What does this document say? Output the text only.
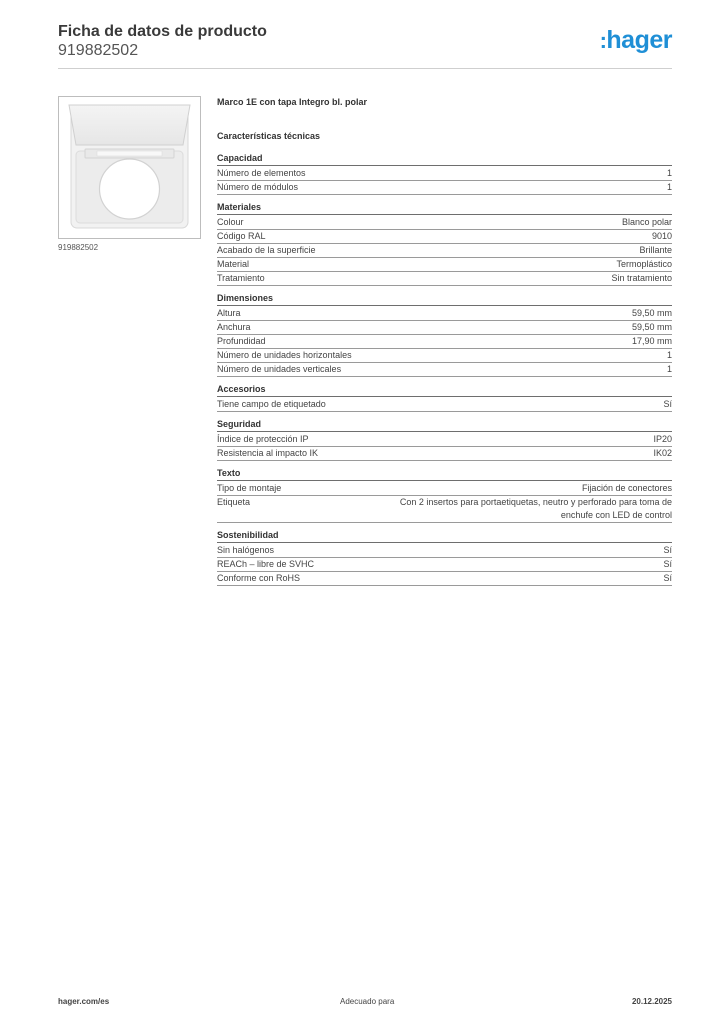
Ficha de datos de producto
919882502	:hager
919882502
Marco 1E con tapa Integro bl. polar
Características técnicas
Capacidad
Número de elementos	1
Número de módulos	1
Materiales
Colour	Blanco polar
Código RAL	9010
Acabado de la superficie	Brillante
Material	Termoplástico
Tratamiento	Sin tratamiento
Dimensiones
Altura	59,50 mm
Anchura	59,50 mm
Profundidad	17,90 mm
Número de unidades horizontales	1
Número de unidades verticales	1
Accesorios
Tiene campo de etiquetado	Sí
Seguridad
Índice de protección IP	IP20
Resistencia al impacto IK	IK02
Texto
Tipo de montaje	Fijación de conectores
Etiqueta	Con 2 insertos para portaetiquetas, neutro y perforado para toma de enchufe con LED de control
Sostenibilidad
Sin halógenos	Sí
REACh – libre de SVHC	Sí
Conforme con RoHS	Sí
hager.com/es	Adecuado para	20.12.2025
